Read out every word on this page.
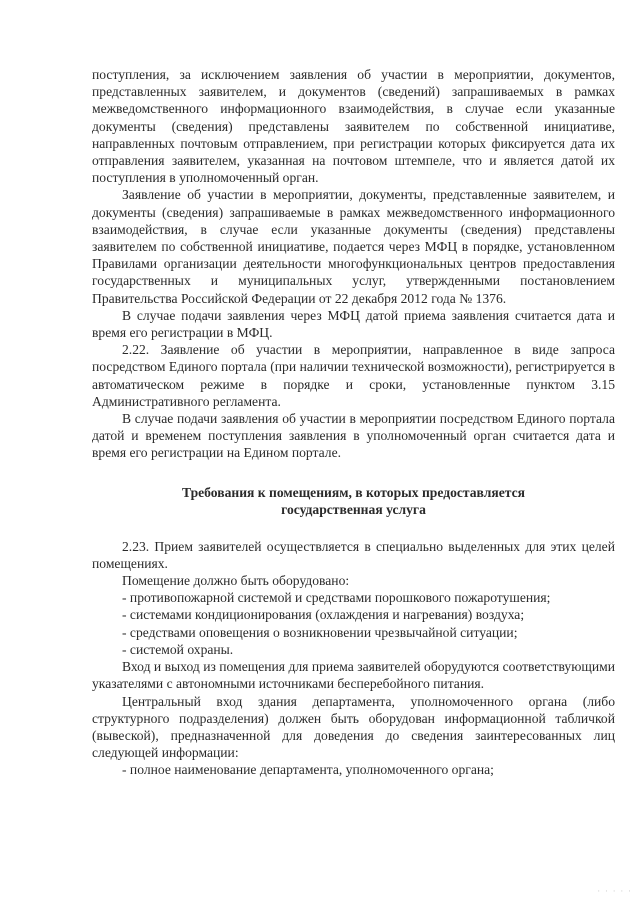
поступления, за исключением заявления об участии в мероприятии, документов, представленных заявителем, и документов (сведений) запрашиваемых в рамках межведомственного информационного взаимодействия, в случае если указанные документы (сведения) представлены заявителем по собственной инициативе, направленных почтовым отправлением, при регистрации которых фиксируется дата их отправления заявителем, указанная на почтовом штемпеле, что и является датой их поступления в уполномоченный орган.

Заявление об участии в мероприятии, документы, представленные заявителем, и документы (сведения) запрашиваемые в рамках межведомственного информационного взаимодействия, в случае если указанные документы (сведения) представлены заявителем по собственной инициативе, подается через МФЦ в порядке, установленном Правилами организации деятельности многофункциональных центров предоставления государственных и муниципальных услуг, утвержденными постановлением Правительства Российской Федерации от 22 декабря 2012 года № 1376.

В случае подачи заявления через МФЦ датой приема заявления считается дата и время его регистрации в МФЦ.

2.22. Заявление об участии в мероприятии, направленное в виде запроса посредством Единого портала (при наличии технической возможности), регистрируется в автоматическом режиме в порядке и сроки, установленные пунктом 3.15 Административного регламента.

В случае подачи заявления об участии в мероприятии посредством Единого портала датой и временем поступления заявления в уполномоченный орган считается дата и время его регистрации на Едином портале.

Требования к помещениям, в которых предоставляется
государственная услуга

2.23. Прием заявителей осуществляется в специально выделенных для этих целей помещениях.

Помещение должно быть оборудовано:

- противопожарной системой и средствами порошкового пожаротушения;

- системами кондиционирования (охлаждения и нагревания) воздуха;

- средствами оповещения о возникновении чрезвычайной ситуации;

- системой охраны.

Вход и выход из помещения для приема заявителей оборудуются соответствующими указателями с автономными источниками бесперебойного питания.

Центральный вход здания департамента, уполномоченного органа (либо структурного подразделения) должен быть оборудован информационной табличкой (вывеской), предназначенной для доведения до сведения заинтересованных лиц следующей информации:

- полное наименование департамента, уполномоченного органа;

· · · · ·
